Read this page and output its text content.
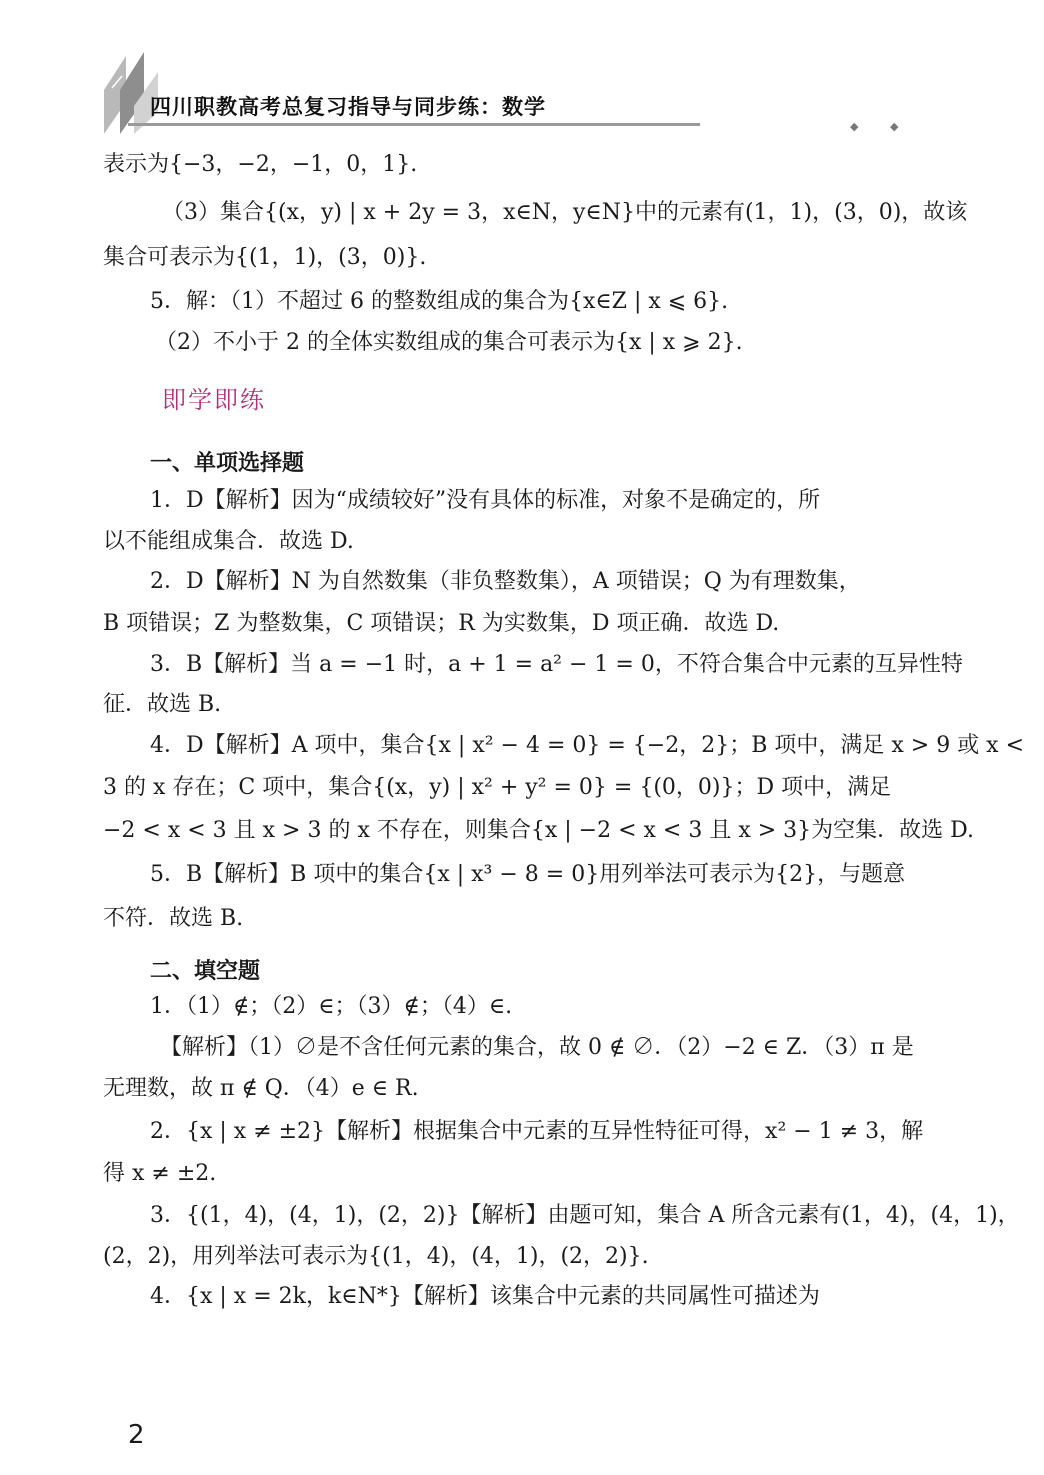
四川职教高考总复习指导与同步练：数学
◆ ◆

表示为{−3，−2，−1，0，1}.

（3）集合{(x，y) | x + 2y = 3，x∈N，y∈N}中的元素有(1，1)，(3，0)，故该

集合可表示为{(1，1)，(3，0)}.

5．解：（1）不超过 6 的整数组成的集合为{x∈Z | x ⩽ 6}.

（2）不小于 2 的全体实数组成的集合可表示为{x | x ⩾ 2}.

即学即练

一、单项选择题

1．D【解析】因为“成绩较好”没有具体的标准，对象不是确定的，所

以不能组成集合．故选 D.

2．D【解析】N 为自然数集（非负整数集），A 项错误；Q 为有理数集，

B 项错误；Z 为整数集，C 项错误；R 为实数集，D 项正确．故选 D.

3．B【解析】当 a = −1 时，a + 1 = a² − 1 = 0，不符合集合中元素的互异性特

征．故选 B.

4．D【解析】A 项中，集合{x | x² − 4 = 0} = {−2，2}；B 项中，满足 x > 9 或 x <

3 的 x 存在；C 项中，集合{(x，y) | x² + y² = 0} = {(0，0)}；D 项中，满足

−2 < x < 3 且 x > 3 的 x 不存在，则集合{x | −2 < x < 3 且 x > 3}为空集．故选 D.

5．B【解析】B 项中的集合{x | x³ − 8 = 0}用列举法可表示为{2}，与题意

不符．故选 B.

二、填空题

1．（1）∉；（2）∈；（3）∉；（4）∈.

【解析】（1）∅是不含任何元素的集合，故 0 ∉ ∅．（2）−2 ∈ Z．（3）π 是

无理数，故 π ∉ Q．（4）e ∈ R.

2．{x | x ≠ ±2}【解析】根据集合中元素的互异性特征可得，x² − 1 ≠ 3，解

得 x ≠ ±2.

3．{(1，4)，(4，1)，(2，2)}【解析】由题可知，集合 A 所含元素有(1，4)，(4，1)，

(2，2)，用列举法可表示为{(1，4)，(4，1)，(2，2)}.

4．{x | x = 2k，k∈N*}【解析】该集合中元素的共同属性可描述为

2
